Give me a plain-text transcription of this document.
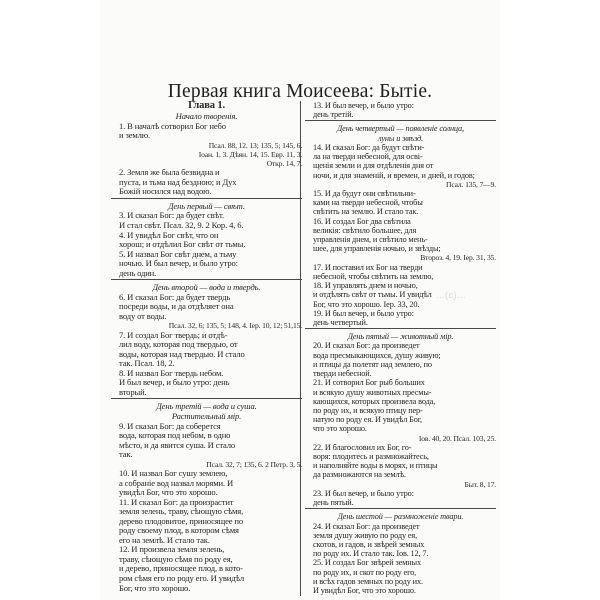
Первая книга Моисеева: Бытіе.
Глава 1.
Начало творенія.
1. В началѣ сотворил Бог небо
и землю.
Псал. 88, 12. 13; 135, 5; 145, 6.
Іоан. 1, 3. Дѣян. 14, 15. Евр. 11, 3.
Откр. 14, 7.
2. Земля же была безвидна и
пуста, и тьма над бездною; и Дух
Божій носился над водою.
День первый — свѣт.
3. И сказал Бог: да будет свѣт.
И стал свѣт. Псал. 32, 9. 2 Кор. 4, 6.
4. И увидѣл Бог свѣт, что он
хорош; и отдѣлил Бог свѣт от тьмы.
5. И назвал Бог свѣт днем, а тьму
ночью. И был вечер, и было утро:
день один.
День второй — вода и твердь.
6. И сказал Бог: да будет твердь
посреди воды, и да отдѣляет она
воду от воды.
Псал. 32, 6; 135, 5; 148, 4. Іер. 10, 12; 51,15.
7. И создал Бог твердь; и отдѣ-
лил воду, которая под твердью, от
воды, которая над твердью. И стало
так. Псал. 18, 2.
8. И назвал Бог твердь небом.
И был вечер, и было утро: день
вторый.
День третій — вода и суша.
Растительный мір.
9. И сказал Бог: да соберется
вода, которая под небом, в одно
мѣсто, и да явится суша. И стало
так.
Псал. 32, 7; 135, 6. 2 Петр. 3, 5.
10. И назвал Бог сушу землею,
а собраніе вод назвал морями. И
увидѣл Бог, что это хорошо.
11. И сказал Бог: да произрастит
земля зелень, траву, сѣющую сѣмя,
дерево плодовитое, приносящее по
роду своему плод, в котором сѣмя
его на землѣ. И стало так.
12. И произвела земля зелень,
траву, сѣющую сѣмя по роду ея,
и дерево, приносящее плод, в кото-
ром сѣмя его по роду его. И увидѣл
Бог, что это хорошо.
13. И был вечер, и было утро:
день третій.
День четвертый — появленіе солнца,
луны и звѣзд.
14. И сказал Бог: да будут свѣти-
ла на тверди небесной, для осві-
щенія земли и для отдѣленія дня от
ночи, и для знаменій, и времен, и дней, и годов;
Псал. 135, 7—9.
15. И да будут они свѣтильни-
ками на тверди небесной, чтобы
свѣтить на землю. И стало так.
16. И создал Бог два свѣтила
великія: свѣтило большее, для
управленія днем, и свѣтило мень-
шее, для управленія ночью, и звѣзды;
Второз. 4, 19. Іер. 31, 35.
17. И поставил их Бог на тверди
небесной, чтобы свѣтить на землю,
18. И управлять днем и ночью,
и отдѣлять свѣт от тьмы. И увидѣл
Бог, что это хорошо. Іер. 33, 20.
19. И был вечер, и было утро:
день четвертый.
День пятый — животный мір.
20. И сказал Бог: да произведет
вода пресмыкающихся, душу живую;
и птицы да полетят над землею, по
тверди небесной.
21. И сотворил Бог рыб больших
и всякую душу животных пресмы-
кающихся, которых произвела вода,
по роду их, и всякую птицу пер-
натую по роду ея. И увидѣл Бог,
что это хорошо.
Іов. 40, 20. Псал. 103, 25.
22. И благословил их Бог, го-
воря: плодитесь и размножайтесь,
и наполняйте воды в морях, и птицы
да размножаются на землѣ.
Быт. 8, 17.
23. И был вечер, и было утро:
день пятый.
День шестой — размноженіе твари.
24. И сказал Бог: да произведет
земля душу живую по роду ея,
скотов, и гадов, и звѣрей земных
по роду их. И стало так. Іов. 12, 7.
25. И создал Бог звѣрей земных
по роду их, и скот по роду его,
и всѣх гадов земных по роду их.
И увидѣл Бог, что это хорошо.
...(с)...
